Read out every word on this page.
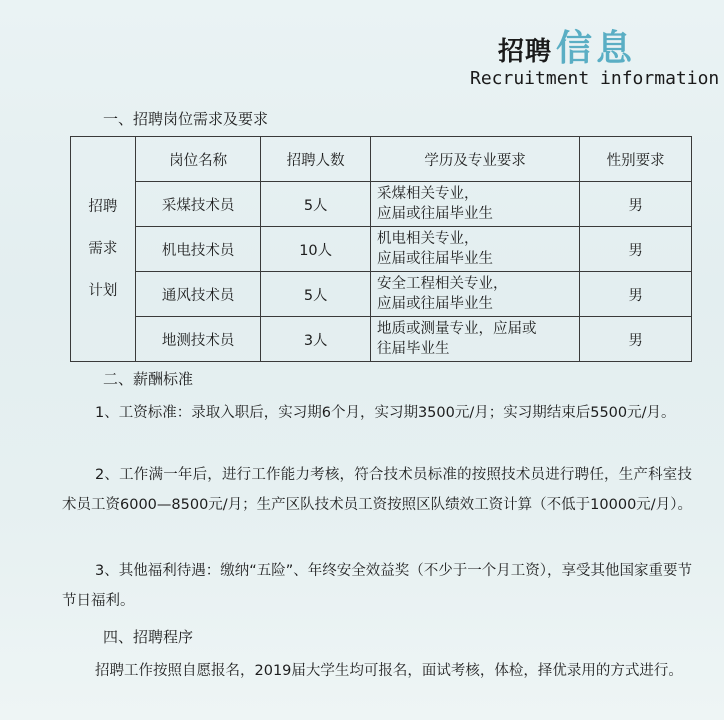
招聘 信息
Recruitment information
一、招聘岗位需求及要求
招聘
需求
计划	岗位名称	招聘人数	学历及专业要求	性别要求
	采煤技术员	5人	采煤相关专业，
应届或往届毕业生	男
	机电技术员	10人	机电相关专业，
应届或往届毕业生	男
	通风技术员	5人	安全工程相关专业，
应届或往届毕业生	男
	地测技术员	3人	地质或测量专业，应届或
往届毕业生	男
二、薪酬标准
1、工资标准：录取入职后，实习期6个月，实习期3500元/月；实习期结束后5500元/月。
2、工作满一年后，进行工作能力考核，符合技术员标准的按照技术员进行聘任，生产科室技术员工资6000—8500元/月；生产区队技术员工资按照区队绩效工资计算（不低于10000元/月）。
3、其他福利待遇：缴纳“五险”、年终安全效益奖（不少于一个月工资），享受其他国家重要节节日福利。
四、招聘程序
招聘工作按照自愿报名，2019届大学生均可报名，面试考核，体检，择优录用的方式进行。
